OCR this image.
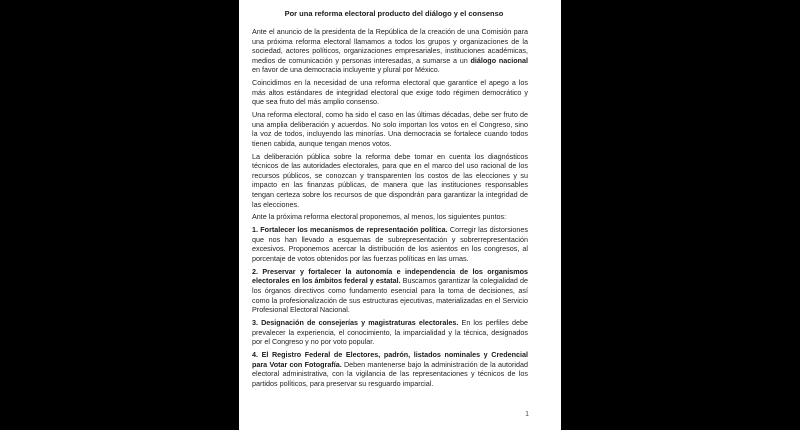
Por una reforma electoral producto del diálogo y el consenso

Ante el anuncio de la presidenta de la República de la creación de una Comisión para una próxima reforma electoral llamamos a todos los grupos y organizaciones de la sociedad, actores políticos, organizaciones empresariales, instituciones académicas, medios de comunicación y personas interesadas, a sumarse a un diálogo nacional en favor de una democracia incluyente y plural por México.

Coincidimos en la necesidad de una reforma electoral que garantice el apego a los más altos estándares de integridad electoral que exige todo régimen democrático y que sea fruto del más amplio consenso.

Una reforma electoral, como ha sido el caso en las últimas décadas, debe ser fruto de una amplia deliberación y acuerdos. No solo importan los votos en el Congreso, sino la voz de todos, incluyendo las minorías. Una democracia se fortalece cuando todos tienen cabida, aunque tengan menos votos.

La deliberación pública sobre la reforma debe tomar en cuenta los diagnósticos técnicos de las autoridades electorales, para que en el marco del uso racional de los recursos públicos, se conozcan y transparenten los costos de las elecciones y su impacto en las finanzas públicas, de manera que las instituciones responsables tengan certeza sobre los recursos de que dispondrán para garantizar la integridad de las elecciones.

Ante la próxima reforma electoral proponemos, al menos, los siguientes puntos:

1. Fortalecer los mecanismos de representación política. Corregir las distorsiones que nos han llevado a esquemas de subrepresentación y sobrerrepresentación excesivos. Proponemos acercar la distribución de los asientos en los congresos, al porcentaje de votos obtenidos por las fuerzas políticas en las urnas.

2. Preservar y fortalecer la autonomía e independencia de los organismos electorales en los ámbitos federal y estatal. Buscamos garantizar la colegialidad de los órganos directivos como fundamento esencial para la toma de decisiones, así como la profesionalización de sus estructuras ejecutivas, materializadas en el Servicio Profesional Electoral Nacional.

3. Designación de consejerías y magistraturas electorales. En los perfiles debe prevalecer la experiencia, el conocimiento, la imparcialidad y la técnica, designados por el Congreso y no por voto popular.

4. El Registro Federal de Electores, padrón, listados nominales y Credencial para Votar con Fotografía. Deben mantenerse bajo la administración de la autoridad electoral administrativa, con la vigilancia de las representaciones y técnicos de los partidos políticos, para preservar su resguardo imparcial.

1
